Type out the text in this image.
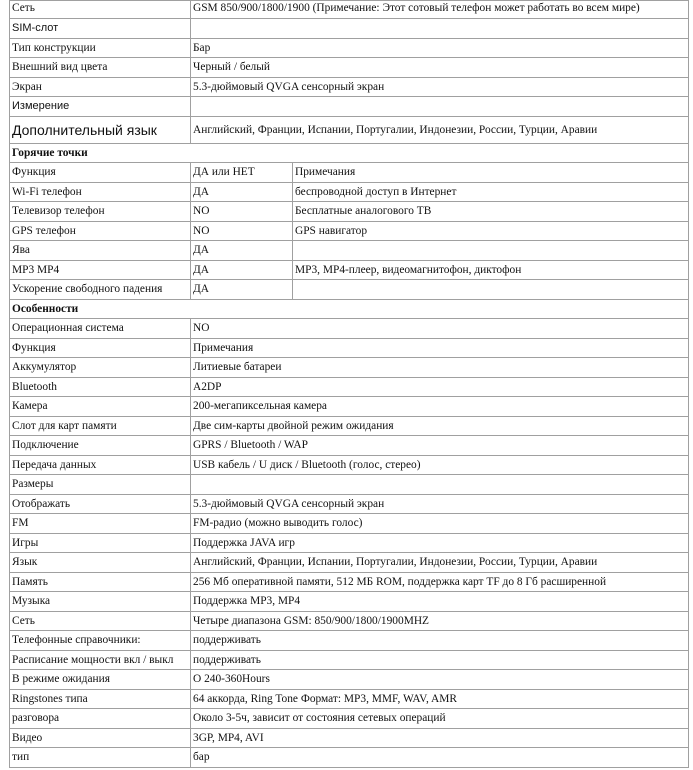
Сеть	GSM 850/900/1800/1900 (Примечание: Этот сотовый телефон может работать во всем мире)	
SIM-слот		
Тип конструкции	Бар	
Внешний вид цвета	Черный / белый	
Экран	5.3-дюймовый QVGA сенсорный экран	
Измерение		
Дополнительный язык	Английский, Франции, Испании, Португалии, Индонезии, России, Турции, Аравии	
Горячие точки		
Функция	ДА или НЕТ	Примечания
Wi-Fi телефон	ДА	беспроводной доступ в Интернет
Телевизор телефон	NO	Бесплатные аналогового ТВ
GPS телефон	NO	GPS навигатор
Ява	ДА	
MP3 MP4	ДА	MP3, MP4-плеер, видеомагнитофон, диктофон
Ускорение свободного падения	ДА	
Особенности		
Операционная система	NO	
Функция	Примечания	
Аккумулятор	Литиевые батареи	
Bluetooth	A2DP	
Камера	200-мегапиксельная камера	
Слот для карт памяти	Две сим-карты двойной режим ожидания	
Подключение	GPRS / Bluetooth / WAP	
Передача данных	USB кабель / U диск / Bluetooth (голос, стерео)	
Размеры		
Отображать	5.3-дюймовый QVGA сенсорный экран	
FM	FM-радио (можно выводить голос)	
Игры	Поддержка JAVA игр	
Язык	Английский, Франции, Испании, Португалии, Индонезии, России, Турции, Аравии	
Память	256 Мб оперативной памяти, 512 МБ ROM, поддержка карт TF до 8 Гб расширенной	
Музыка	Поддержка MP3, MP4	
Сеть	Четыре диапазона GSM: 850/900/1800/1900MHZ	
Телефонные справочники:	поддерживать	
Расписание мощности вкл / выкл	поддерживать	
В режиме ожидания	О 240-360Hours	
Ringstones типа	64 аккорда, Ring Tone Формат: MP3, MMF, WAV, AMR	
разговора	Около 3-5ч, зависит от состояния сетевых операций	
Видео	3GP, MP4, AVI	
тип	бар	
